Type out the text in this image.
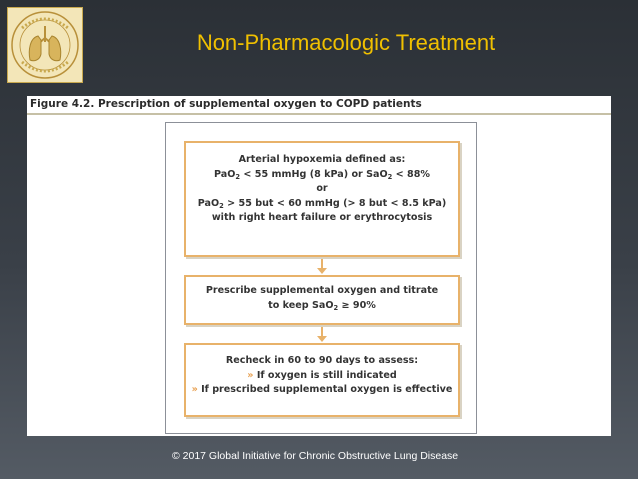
Non-Pharmacologic Treatment
Figure 4.2. Prescription of supplemental oxygen to COPD patients
Arterial hypoxemia defined as:
PaO$_2$ < 55 mmHg (8 kPa) or SaO$_2$ < 88%
or
PaO$_2$ > 55 but < 60 mmHg (> 8 but < 8.5 kPa)
with right heart failure or erythrocytosis
Prescribe supplemental oxygen and titrate
to keep SaO$_2$ ≥ 90%
Recheck in 60 to 90 days to assess:
» If oxygen is still indicated
» If prescribed supplemental oxygen is effective
© 2017 Global Initiative for Chronic Obstructive Lung Disease
